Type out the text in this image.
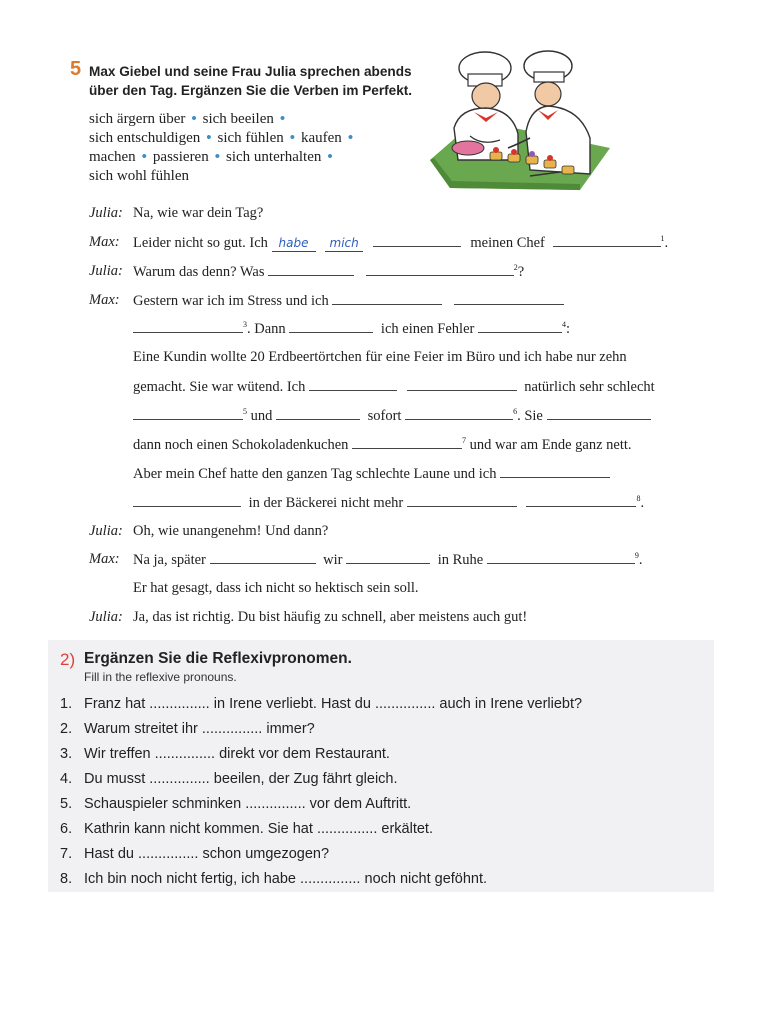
5 Max Giebel und seine Frau Julia sprechen abends
über den Tag. Ergänzen Sie die Verben im Perfekt.
sich ärgern über • sich beeilen •
sich entschuldigen • sich fühlen • kaufen •
machen • passieren • sich unterhalten •
sich wohl fühlen
Julia: Na, wie war dein Tag?
Max: Leider nicht so gut. Ich habe mich	meinen Chef	$^1$.
Julia: Warum das denn? Was	$^2$?
Max: Gestern war ich im Stress und ich
$^3$. Dann	ich einen Fehler	$^4$:
Eine Kundin wollte 20 Erdbeertörtchen für eine Feier im Büro und ich habe nur zehn
gemacht. Sie war wütend. Ich	natürlich sehr schlecht
$^5$ und	sofort	$^6$. Sie
dann noch einen Schokoladenkuchen	$^7$ und war am Ende ganz nett.
Aber mein Chef hatte den ganzen Tag schlechte Laune und ich
in der Bäckerei nicht mehr	$^8$.
Julia: Oh, wie unangenehm! Und dann?
Max: Na ja, später	wir	in Ruhe	$^9$.
Er hat gesagt, dass ich nicht so hektisch sein soll.
Julia: Ja, das ist richtig. Du bist häufig zu schnell, aber meistens auch gut!
2) Ergänzen Sie die Reflexivpronomen.
Fill in the reflexive pronouns.
1. Franz hat ............... in Irene verliebt. Hast du ............... auch in Irene verliebt?
2. Warum streitet ihr ............... immer?
3. Wir treffen ............... direkt vor dem Restaurant.
4. Du musst ............... beeilen, der Zug fährt gleich.
5. Schauspieler schminken ............... vor dem Auftritt.
6. Kathrin kann nicht kommen. Sie hat ............... erkältet.
7. Hast du ............... schon umgezogen?
8. Ich bin noch nicht fertig, ich habe ............... noch nicht geföhnt.
